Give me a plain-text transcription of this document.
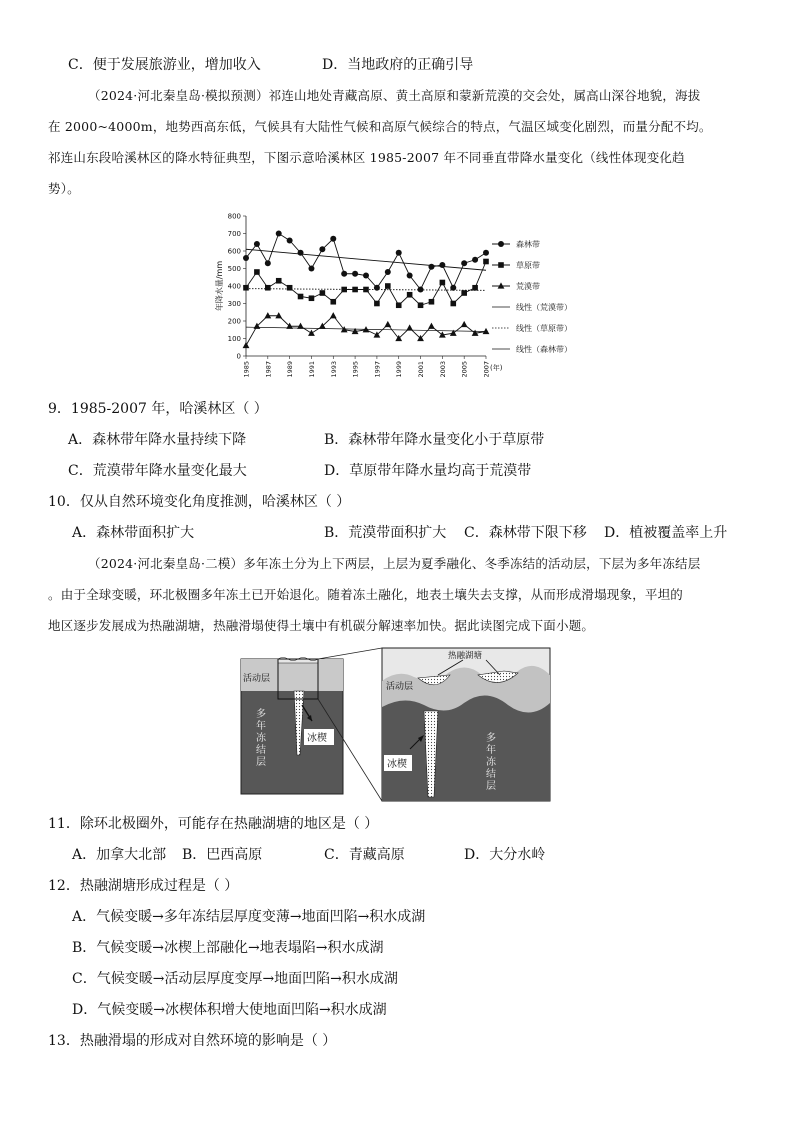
C．便于发展旅游业，增加收入	D．当地政府的正确引导
（2024·河北秦皇岛·模拟预测）祁连山地处青藏高原、黄土高原和蒙新荒漠的交会处，属高山深谷地貌，海拔
在 2000~4000m，地势西高东低，气候具有大陆性气候和高原气候综合的特点，气温区域变化剧烈，而量分配不均。
祁连山东段哈溪林区的降水特征典型，下图示意哈溪林区 1985-2007 年不同垂直带降水量变化（线性体现变化趋
势）。
0
100
200
300
400
500
600
700
800
年降水量/mm
1985 1987 1989 1991 1993 1995 1997 1999 2001 2003 2005 2007 (年)
森林带
草原带
荒漠带
线性（荒漠带）
线性（草原带）
线性（森林带）
9．1985-2007 年，哈溪林区（ ）
A．森林带年降水量持续下降	B．森林带年降水量变化小于草原带
C．荒漠带年降水量变化最大	D．草原带年降水量均高于荒漠带
10．仅从自然环境变化角度推测，哈溪林区（ ）
A．森林带面积扩大	B．荒漠带面积扩大 C．森林带下限下移 D．植被覆盖率上升
（2024·河北秦皇岛·二模）多年冻土分为上下两层，上层为夏季融化、冬季冻结的活动层，下层为多年冻结层
。由于全球变暖，环北极圈多年冻土已开始退化。随着冻土融化，地表土壤失去支撑，从而形成滑塌现象，平坦的
地区逐步发展成为热融湖塘，热融滑塌使得土壤中有机碳分解速率加快。据此读图完成下面小题。
活动层
冰楔
多
年
冻
结
层
热融湖塘
活动层
冰楔
多
年
冻
结
层
11．除环北极圈外，可能存在热融湖塘的地区是（ ）
A．加拿大北部 B．巴西高原	C．青藏高原	D．大分水岭
12．热融湖塘形成过程是（ ）
A．气候变暖→多年冻结层厚度变薄→地面凹陷→积水成湖
B．气候变暖→冰楔上部融化→地表塌陷→积水成湖
C．气候变暖→活动层厚度变厚→地面凹陷→积水成湖
D．气候变暖→冰楔体积增大使地面凹陷→积水成湖
13．热融滑塌的形成对自然环境的影响是（ ）
